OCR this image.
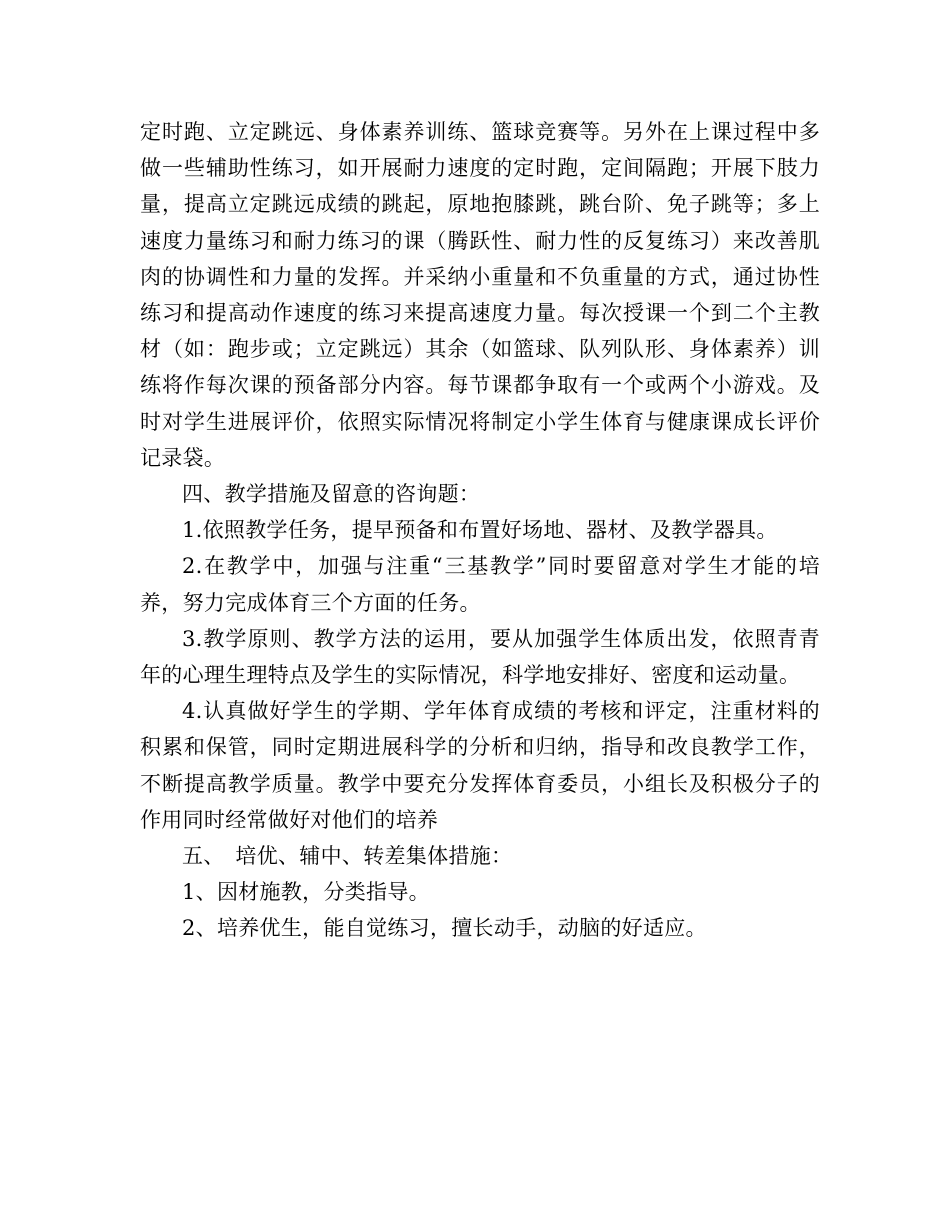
定时跑、立定跳远、身体素养训练、篮球竞赛等。另外在上课过程中多做一些辅助性练习，如开展耐力速度的定时跑，定间隔跑；开展下肢力量，提高立定跳远成绩的跳起，原地抱膝跳，跳台阶、免子跳等；多上速度力量练习和耐力练习的课（腾跃性、耐力性的反复练习）来改善肌肉的协调性和力量的发挥。并采纳小重量和不负重量的方式，通过协性练习和提高动作速度的练习来提高速度力量。每次授课一个到二个主教材（如：跑步或；立定跳远）其余（如篮球、队列队形、身体素养）训练将作每次课的预备部分内容。每节课都争取有一个或两个小游戏。及时对学生进展评价，依照实际情况将制定小学生体育与健康课成长评价记录袋。

四、教学措施及留意的咨询题：

1.依照教学任务，提早预备和布置好场地、器材、及教学器具。

2.在教学中，加强与注重“三基教学”同时要留意对学生才能的培养，努力完成体育三个方面的任务。

3.教学原则、教学方法的运用，要从加强学生体质出发，依照青青年的心理生理特点及学生的实际情况，科学地安排好、密度和运动量。

4.认真做好学生的学期、学年体育成绩的考核和评定，注重材料的积累和保管，同时定期进展科学的分析和归纳，指导和改良教学工作，不断提高教学质量。教学中要充分发挥体育委员，小组长及积极分子的作用同时经常做好对他们的培养

五、　培优、辅中、转差集体措施：

1、因材施教，分类指导。

2、培养优生，能自觉练习，擅长动手，动脑的好适应。
